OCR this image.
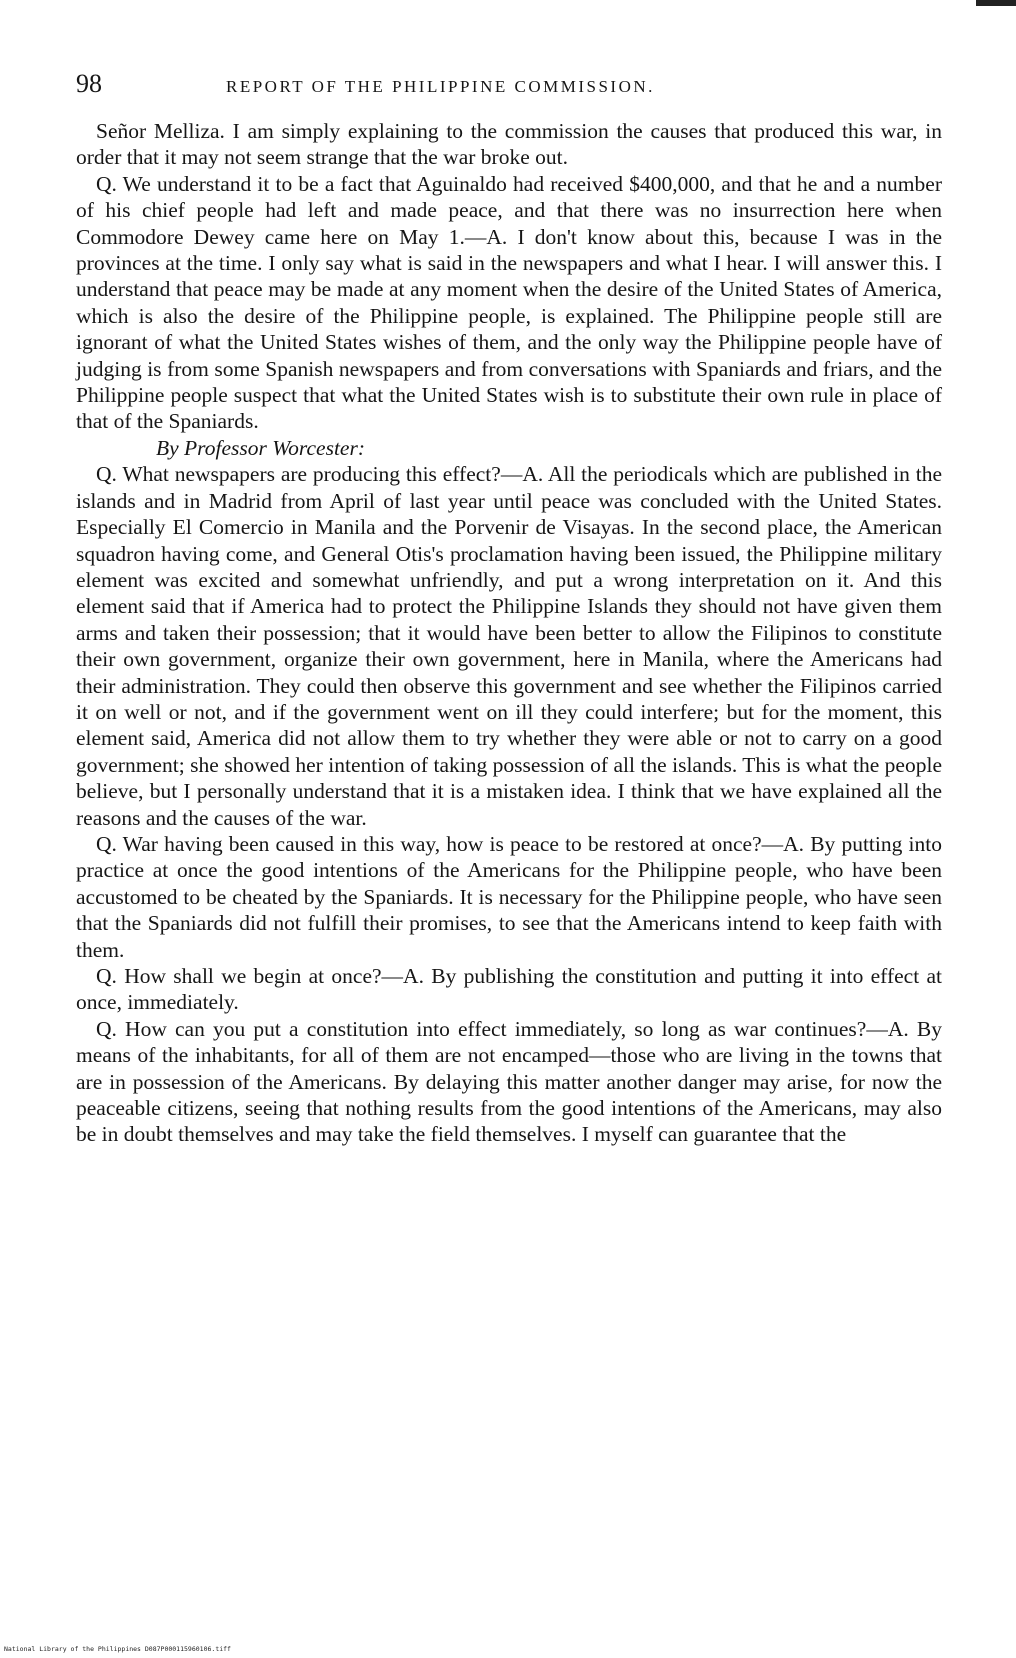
98	REPORT OF THE PHILIPPINE COMMISSION.

Señor Melliza. I am simply explaining to the commission the causes that produced this war, in order that it may not seem strange that the war broke out.

Q. We understand it to be a fact that Aguinaldo had received $400,000, and that he and a number of his chief people had left and made peace, and that there was no insurrection here when Commodore Dewey came here on May 1.—A. I don't know about this, because I was in the provinces at the time. I only say what is said in the newspapers and what I hear. I will answer this. I understand that peace may be made at any moment when the desire of the United States of America, which is also the desire of the Philippine people, is explained. The Philippine people still are ignorant of what the United States wishes of them, and the only way the Philippine people have of judging is from some Spanish newspapers and from conversations with Spaniards and friars, and the Philippine people suspect that what the United States wish is to substitute their own rule in place of that of the Spaniards.

By Professor Worcester:

Q. What newspapers are producing this effect?—A. All the periodicals which are published in the islands and in Madrid from April of last year until peace was concluded with the United States. Especially El Comercio in Manila and the Porvenir de Visayas. In the second place, the American squadron having come, and General Otis's proclamation having been issued, the Philippine military element was excited and somewhat unfriendly, and put a wrong interpretation on it. And this element said that if America had to protect the Philippine Islands they should not have given them arms and taken their possession; that it would have been better to allow the Filipinos to constitute their own government, organize their own government, here in Manila, where the Americans had their administration. They could then observe this government and see whether the Filipinos carried it on well or not, and if the government went on ill they could interfere; but for the moment, this element said, America did not allow them to try whether they were able or not to carry on a good government; she showed her intention of taking possession of all the islands. This is what the people believe, but I personally understand that it is a mistaken idea. I think that we have explained all the reasons and the causes of the war.

Q. War having been caused in this way, how is peace to be restored at once?—A. By putting into practice at once the good intentions of the Americans for the Philippine people, who have been accustomed to be cheated by the Spaniards. It is necessary for the Philippine people, who have seen that the Spaniards did not fulfill their promises, to see that the Americans intend to keep faith with them.

Q. How shall we begin at once?—A. By publishing the constitution and putting it into effect at once, immediately.

Q. How can you put a constitution into effect immediately, so long as war continues?—A. By means of the inhabitants, for all of them are not encamped—those who are living in the towns that are in possession of the Americans. By delaying this matter another danger may arise, for now the peaceable citizens, seeing that nothing results from the good intentions of the Americans, may also be in doubt themselves and may take the field themselves. I myself can guarantee that the

National Library of the Philippines D087P000115960106.tiff
